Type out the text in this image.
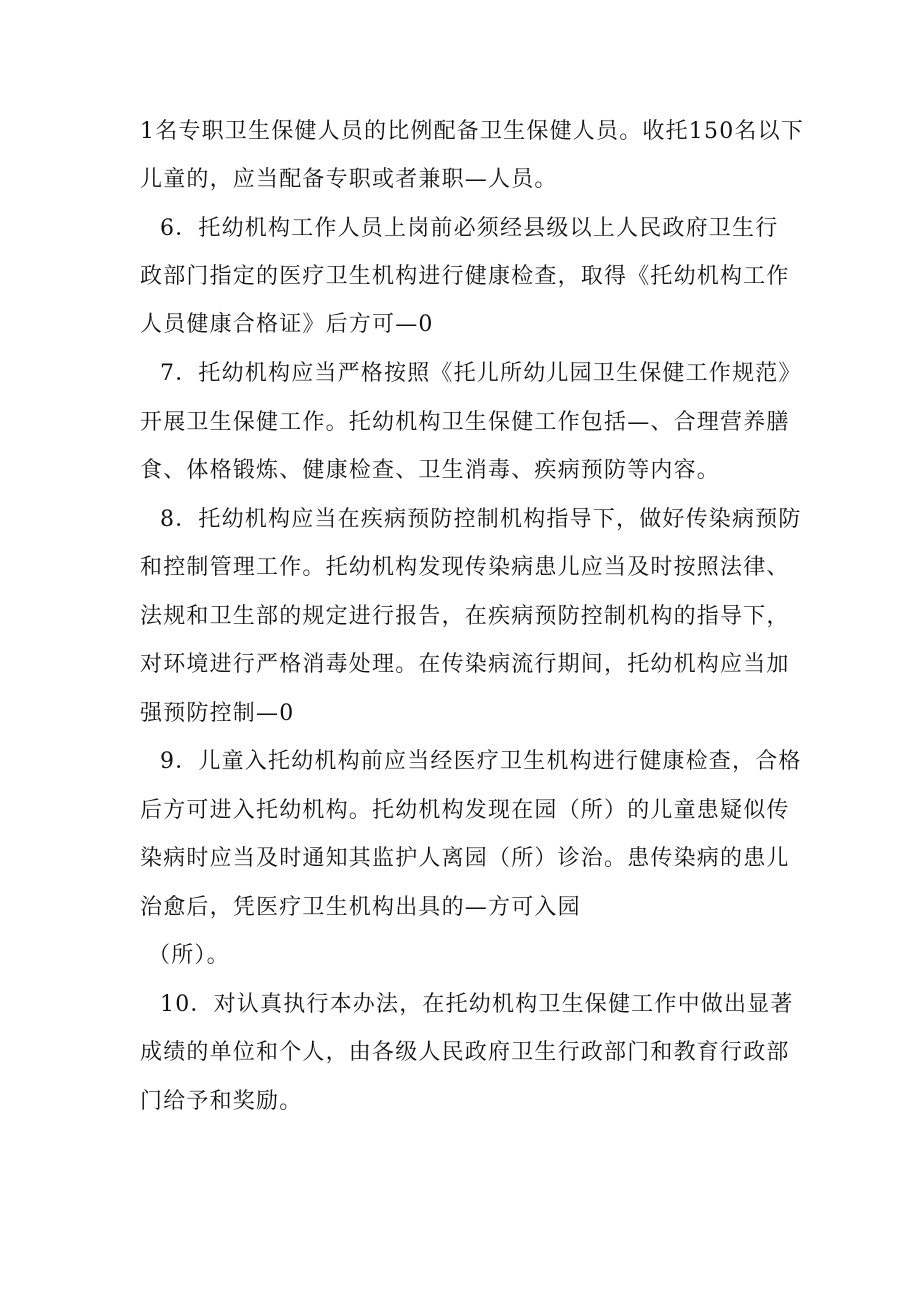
1名专职卫生保健人员的比例配备卫生保健人员。收托150名以下
儿童的，应当配备专职或者兼职—人员。
6．托幼机构工作人员上岗前必须经县级以上人民政府卫生行
政部门指定的医疗卫生机构进行健康检查，取得《托幼机构工作
人员健康合格证》后方可—0
7．托幼机构应当严格按照《托儿所幼儿园卫生保健工作规范》
开展卫生保健工作。托幼机构卫生保健工作包括—、合理营养膳
食、体格锻炼、健康检查、卫生消毒、疾病预防等内容。
8．托幼机构应当在疾病预防控制机构指导下，做好传染病预防
和控制管理工作。托幼机构发现传染病患儿应当及时按照法律、
法规和卫生部的规定进行报告，在疾病预防控制机构的指导下，
对环境进行严格消毒处理。在传染病流行期间，托幼机构应当加
强预防控制—0
9．儿童入托幼机构前应当经医疗卫生机构进行健康检查，合格
后方可进入托幼机构。托幼机构发现在园（所）的儿童患疑似传
染病时应当及时通知其监护人离园（所）诊治。患传染病的患儿
治愈后，凭医疗卫生机构出具的—方可入园
（所）。
10．对认真执行本办法，在托幼机构卫生保健工作中做出显著
成绩的单位和个人，由各级人民政府卫生行政部门和教育行政部
门给予和奖励。
